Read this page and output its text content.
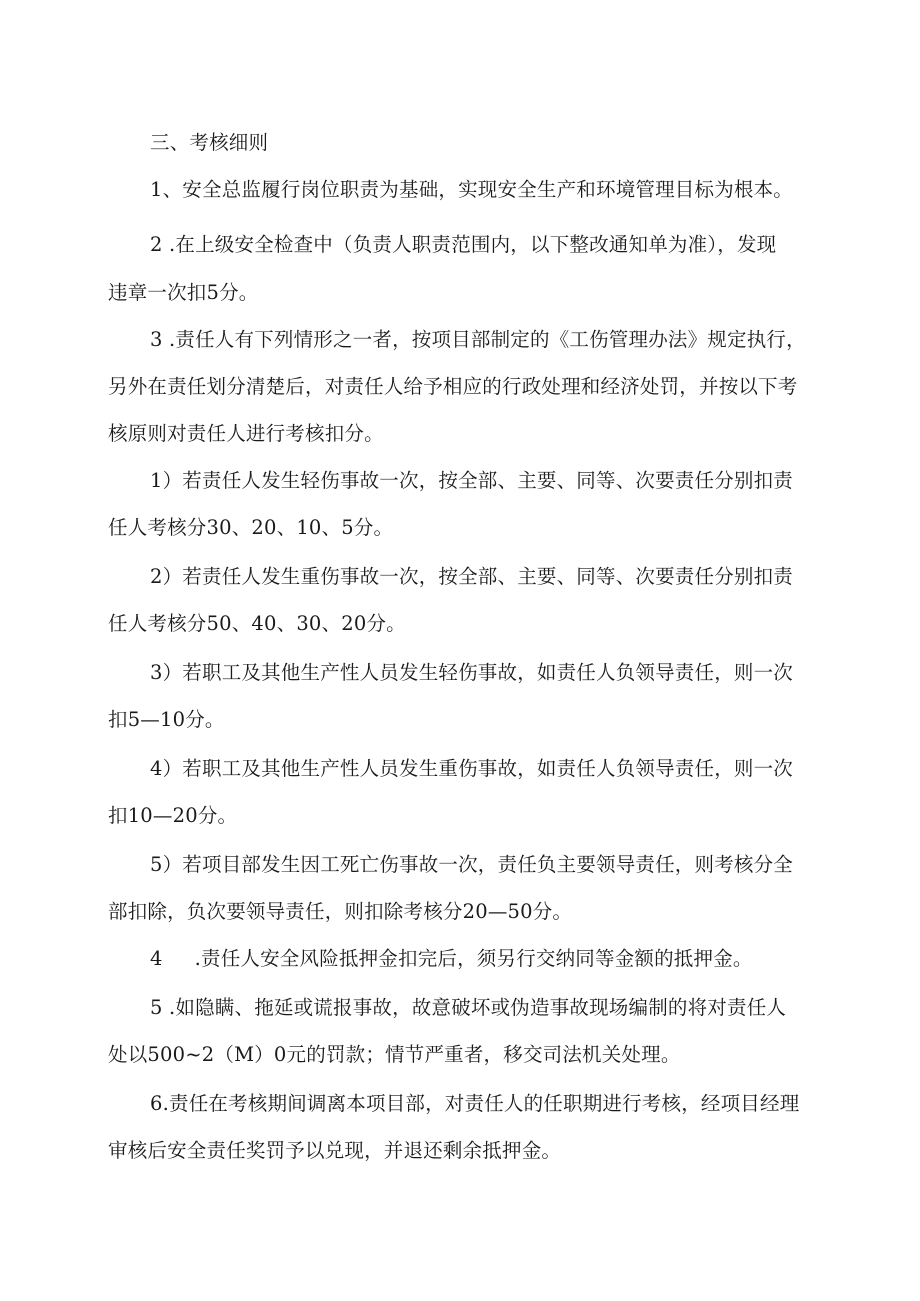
三、考核细则
1、安全总监履行岗位职责为基础，实现安全生产和环境管理目标为根本。
2 .在上级安全检查中（负责人职责范围内，以下整改通知单为准），发现
违章一次扣5分。
3 .责任人有下列情形之一者，按项目部制定的《工伤管理办法》规定执行，
另外在责任划分清楚后，对责任人给予相应的行政处理和经济处罚，并按以下考
核原则对责任人进行考核扣分。
1）若责任人发生轻伤事故一次，按全部、主要、同等、次要责任分别扣责
任人考核分30、20、10、5分。
2）若责任人发生重伤事故一次，按全部、主要、同等、次要责任分别扣责
任人考核分50、40、30、20分。
3）若职工及其他生产性人员发生轻伤事故，如责任人负领导责任，则一次
扣5—10分。
4）若职工及其他生产性人员发生重伤事故，如责任人负领导责任，则一次
扣10—20分。
5）若项目部发生因工死亡伤事故一次，责任负主要领导责任，则考核分全
部扣除，负次要领导责任，则扣除考核分20—50分。
4     .责任人安全风险抵押金扣完后，须另行交纳同等金额的抵押金。
5 .如隐瞒、拖延或谎报事故，故意破坏或伪造事故现场编制的将对责任人
处以500~2（M）0元的罚款；情节严重者，移交司法机关处理。
6.责任在考核期间调离本项目部，对责任人的任职期进行考核，经项目经理
审核后安全责任奖罚予以兑现，并退还剩余抵押金。
